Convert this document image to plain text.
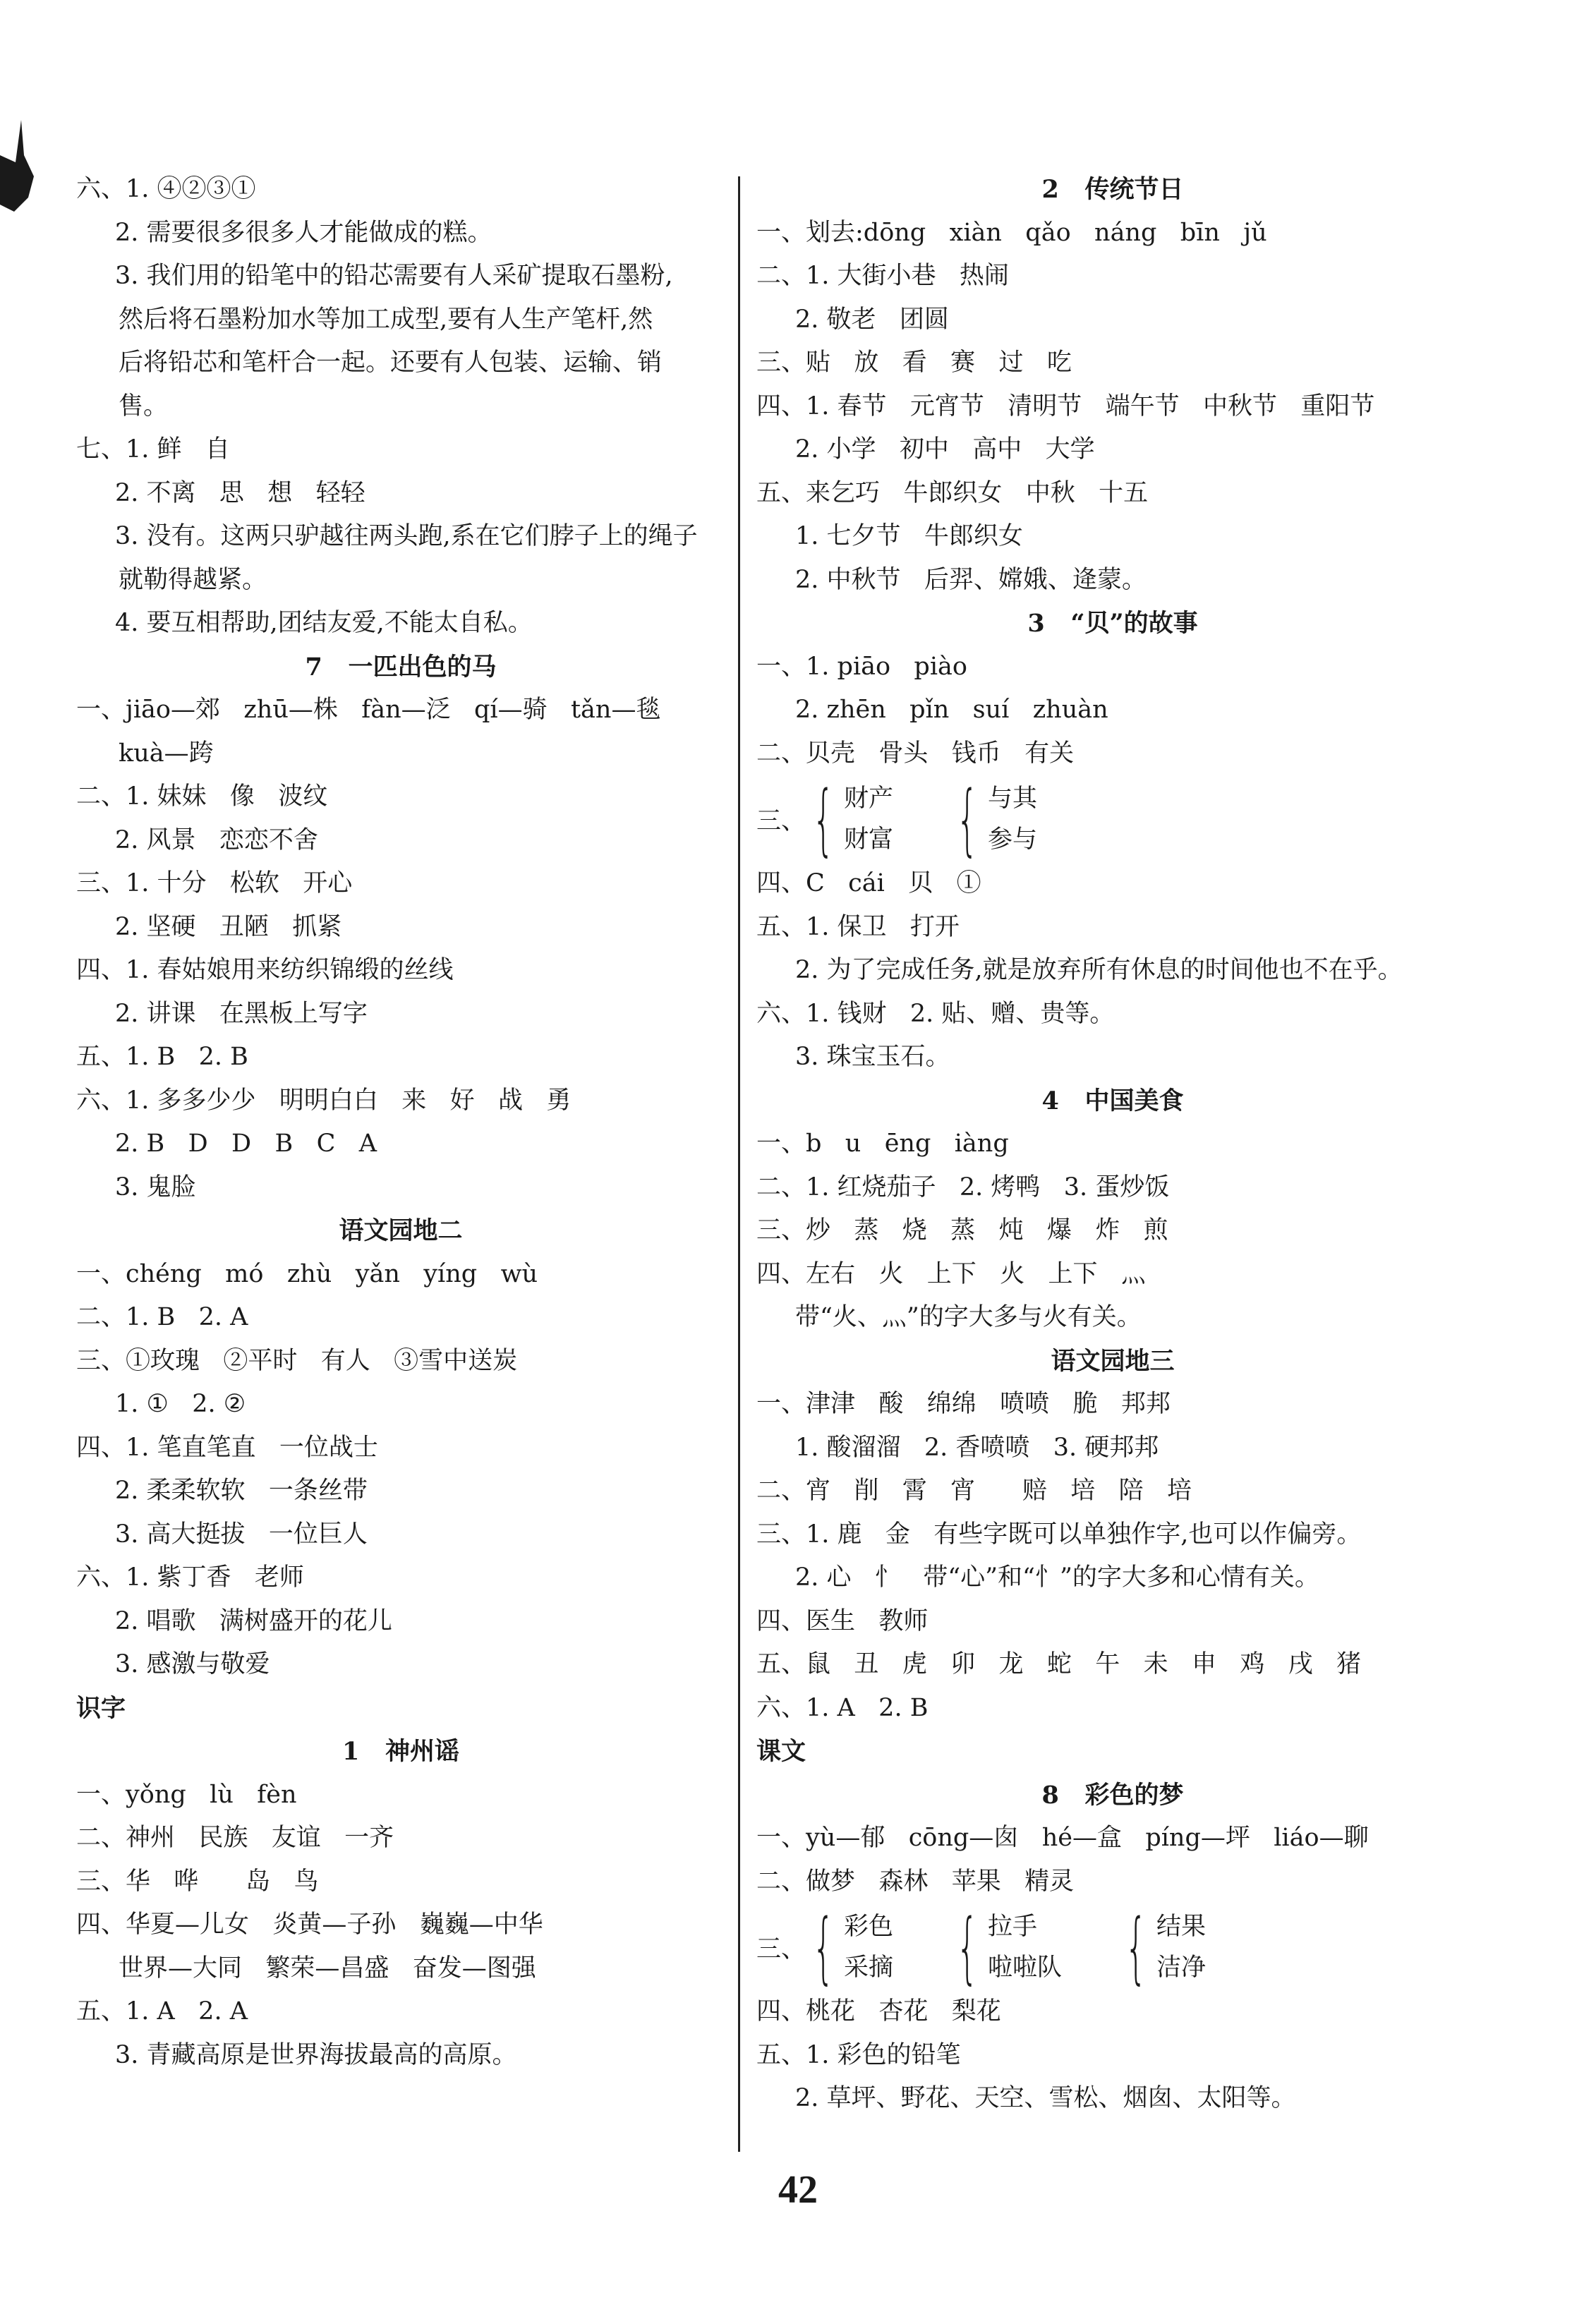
六、1. ④②③①
2. 需要很多很多人才能做成的糕。
3. 我们用的铅笔中的铅芯需要有人采矿提取石墨粉,
然后将石墨粉加水等加工成型,要有人生产笔杆,然
后将铅芯和笔杆合一起。还要有人包装、运输、销
售。
七、1. 鲜   自
2. 不离   思   想   轻轻
3. 没有。这两只驴越往两头跑,系在它们脖子上的绳子
就勒得越紧。
4. 要互相帮助,团结友爱,不能太自私。
7   一匹出色的马
一、jiāo—郊   zhū—株   fàn—泛   qí—骑   tǎn—毯
kuà—跨
二、1. 妹妹   像   波纹
2. 风景   恋恋不舍
三、1. 十分   松软   开心
2. 坚硬   丑陋   抓紧
四、1. 春姑娘用来纺织锦缎的丝线
2. 讲课   在黑板上写字
五、1. B   2. B
六、1. 多多少少   明明白白   来   好   战   勇
2. B   D   D   B   C   A
3. 鬼脸
语文园地二
一、chéng   mó   zhù   yǎn   yíng   wù
二、1. B   2. A
三、①玫瑰   ②平时   有人   ③雪中送炭
1. ①   2. ②
四、1. 笔直笔直   一位战士
2. 柔柔软软   一条丝带
3. 高大挺拔   一位巨人
六、1. 紫丁香   老师
2. 唱歌   满树盛开的花儿
3. 感激与敬爱
识字
1   神州谣
一、yǒng   lù   fèn
二、神州   民族   友谊   一齐
三、华   哗      岛   鸟
四、华夏—儿女   炎黄—子孙   巍巍—中华
世界—大同   繁荣—昌盛   奋发—图强
五、1. A   2. A
3. 青藏高原是世界海拔最高的高原。
2   传统节日
一、划去:dōng   xiàn   qǎo   náng   bīn   jǔ
二、1. 大街小巷   热闹
2. 敬老   团圆
三、贴   放   看   赛   过   吃
四、1. 春节   元宵节   清明节   端午节   中秋节   重阳节
2. 小学   初中   高中   大学
五、来乞巧   牛郎织女   中秋   十五
1. 七夕节   牛郎织女
2. 中秋节   后羿、嫦娥、逄蒙。
3   “贝”的故事
一、1. piāo   piào
2. zhēn   pǐn   suí   zhuàn
二、贝壳   骨头   钱币   有关
三、 { 财产
财富 { 与其
参与
四、C   cái   贝   ①
五、1. 保卫   打开
2. 为了完成任务,就是放弃所有休息的时间他也不在乎。
六、1. 钱财   2. 贴、赠、贵等。
3. 珠宝玉石。
4   中国美食
一、b   u   ēng   iàng
二、1. 红烧茄子   2. 烤鸭   3. 蛋炒饭
三、炒   蒸   烧   蒸   炖   爆   炸   煎
四、左右   火   上下   火   上下   灬
带“火、灬”的字大多与火有关。
语文园地三
一、津津   酸   绵绵   喷喷   脆   邦邦
1. 酸溜溜   2. 香喷喷   3. 硬邦邦
二、宵   削   霄   宵      赔   培   陪   培
三、1. 鹿   金   有些字既可以单独作字,也可以作偏旁。
2. 心   忄   带“心”和“忄”的字大多和心情有关。
四、医生   教师
五、鼠   丑   虎   卯   龙   蛇   午   未   申   鸡   戌   猪
六、1. A   2. B
课文
8   彩色的梦
一、yù—郁   cōng—囱   hé—盒   píng—坪   liáo—聊
二、做梦   森林   苹果   精灵
三、 { 彩色
采摘 { 拉手
啦啦队 { 结果
洁净
四、桃花   杏花   梨花
五、1. 彩色的铅笔
2. 草坪、野花、天空、雪松、烟囱、太阳等。
42
